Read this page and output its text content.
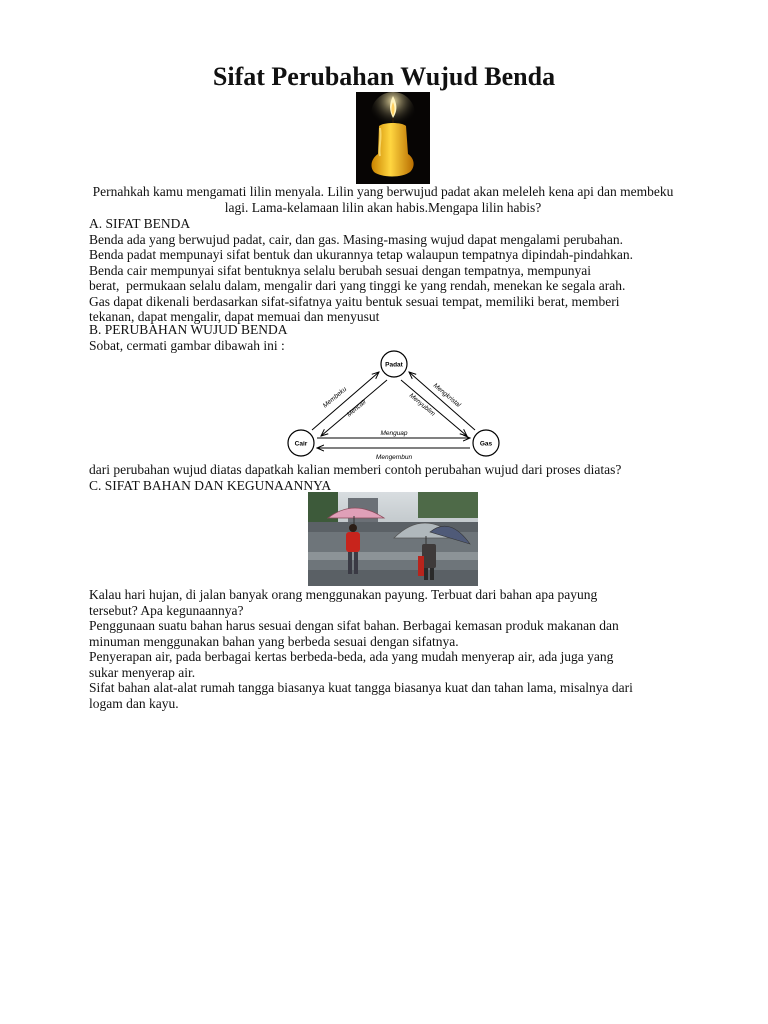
Sifat Perubahan Wujud Benda

Pernahkah kamu mengamati lilin menyala. Lilin yang berwujud padat akan meleleh kena api dan membeku lagi. Lama-kelamaan lilin akan habis.Mengapa lilin habis?

A. SIFAT BENDA
Benda ada yang berwujud padat, cair, dan gas. Masing-masing wujud dapat mengalami perubahan.
Benda padat mempunayi sifat bentuk dan ukurannya tetap walaupun tempatnya dipindah-pindahkan.
Benda cair mempunyai sifat bentuknya selalu berubah sesuai dengan tempatnya, mempunyai
berat,  permukaan selalu dalam, mengalir dari yang tinggi ke yang rendah, menekan ke segala arah.
Gas dapat dikenali berdasarkan sifat-sifatnya yaitu bentuk sesuai tempat, memiliki berat, memberi
tekanan, dapat mengalir, dapat memuai dan menyusut
B. PERUBAHAN WUJUD BENDA
Sobat, cermati gambar dibawah ini :
Padat
Cair	Gas
Membeku
Mencair	Menyublim
Mengkristal
Menguap
Mengembun
dari perubahan wujud diatas dapatkah kalian memberi contoh perubahan wujud dari proses diatas?
C. SIFAT BAHAN DAN KEGUNAANNYA
Kalau hari hujan, di jalan banyak orang menggunakan payung. Terbuat dari bahan apa payung
tersebut? Apa kegunaannya?
Penggunaan suatu bahan harus sesuai dengan sifat bahan. Berbagai kemasan produk makanan dan
minuman menggunakan bahan yang berbeda sesuai dengan sifatnya.
Penyerapan air, pada berbagai kertas berbeda-beda, ada yang mudah menyerap air, ada juga yang
sukar menyerap air.
Sifat bahan alat-alat rumah tangga biasanya kuat tangga biasanya kuat dan tahan lama, misalnya dari
logam dan kayu.
